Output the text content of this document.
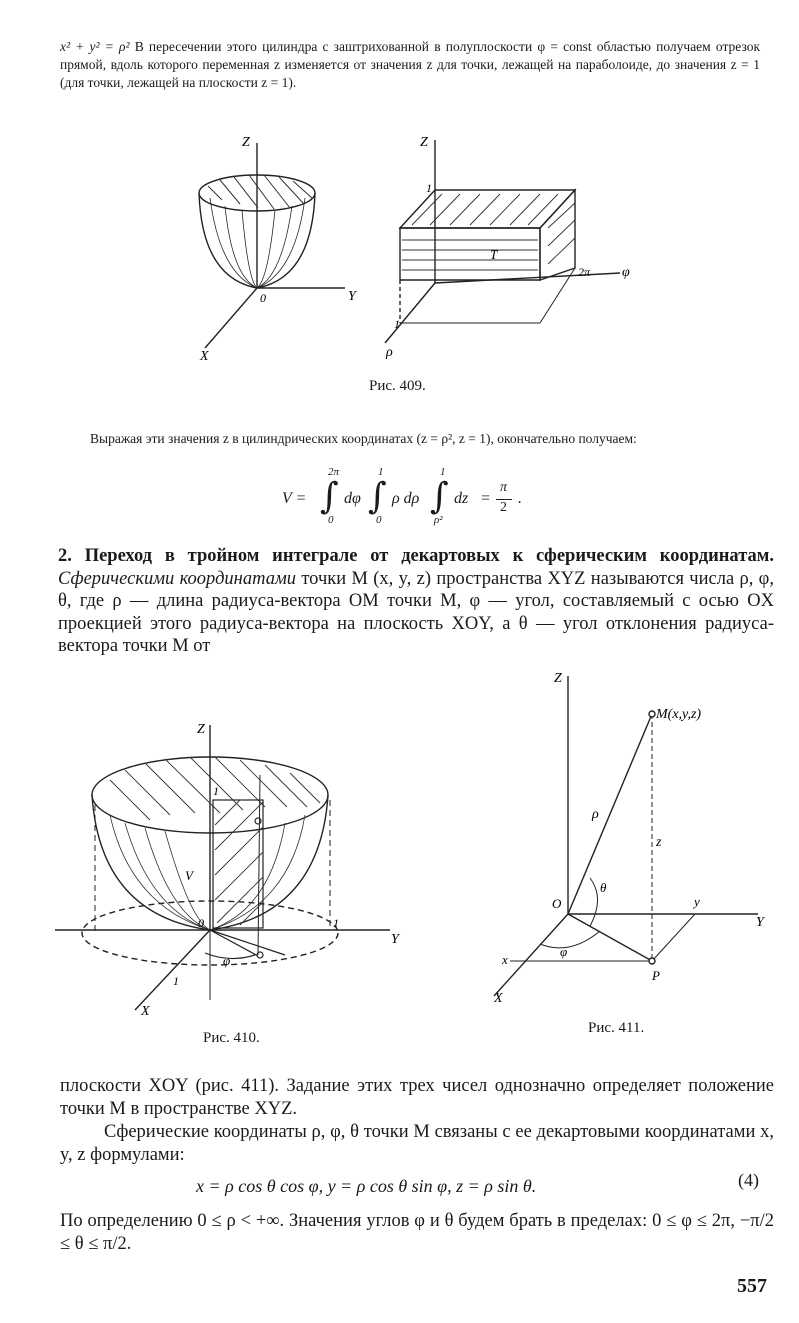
x² + y² = ρ² В пересечении этого цилиндра с заштрихованной в полуплоскости φ = const областью получаем отрезок прямой, вдоль которого переменная z изменяется от значения z для точки, лежащей на параболоиде, до значения z = 1 (для точки, лежащей на плоскости z = 1).
Z
Y
X
0
Z
1
T
2π φ
1
ρ
Рис. 409.
Выражая эти значения z в цилиндрических координатах (z = ρ², z = 1), окончательно получаем:
V = ∫
2π
0
dφ ∫
1
0
ρ dρ ∫
1
ρ²
dz =
π
2
.
2. Переход в тройном интеграле от декартовых к сферическим координатам. Сферическими координатами точки M (x, y, z) пространства XYZ называются числа ρ, φ, θ, где ρ — длина радиуса-вектора OM точки M, φ — угол, составляемый с осью OX проекцией этого радиуса-вектора на плоскость XOY, а θ — угол отклонения радиуса-вектора точки M от
Z
1
V
0	1
Y
φ
1
X
Рис. 410.
Z
M(x,y,z)
ρ
z
θ
O	y
Y
x
φ
P
X
Рис. 411.
плоскости XOY (рис. 411). Задание этих трех чисел однозначно определяет положение точки M в пространстве XYZ.
Сферические координаты ρ, φ, θ точки M связаны с ее декартовыми координатами x, y, z формулами:
x = ρ cos θ cos φ, y = ρ cos θ sin φ, z = ρ sin θ.	(4)
По определению 0 ≤ ρ < +∞. Значения углов φ и θ будем брать в пределах: 0 ≤ φ ≤ 2π, −π/2 ≤ θ ≤ π/2.
557
